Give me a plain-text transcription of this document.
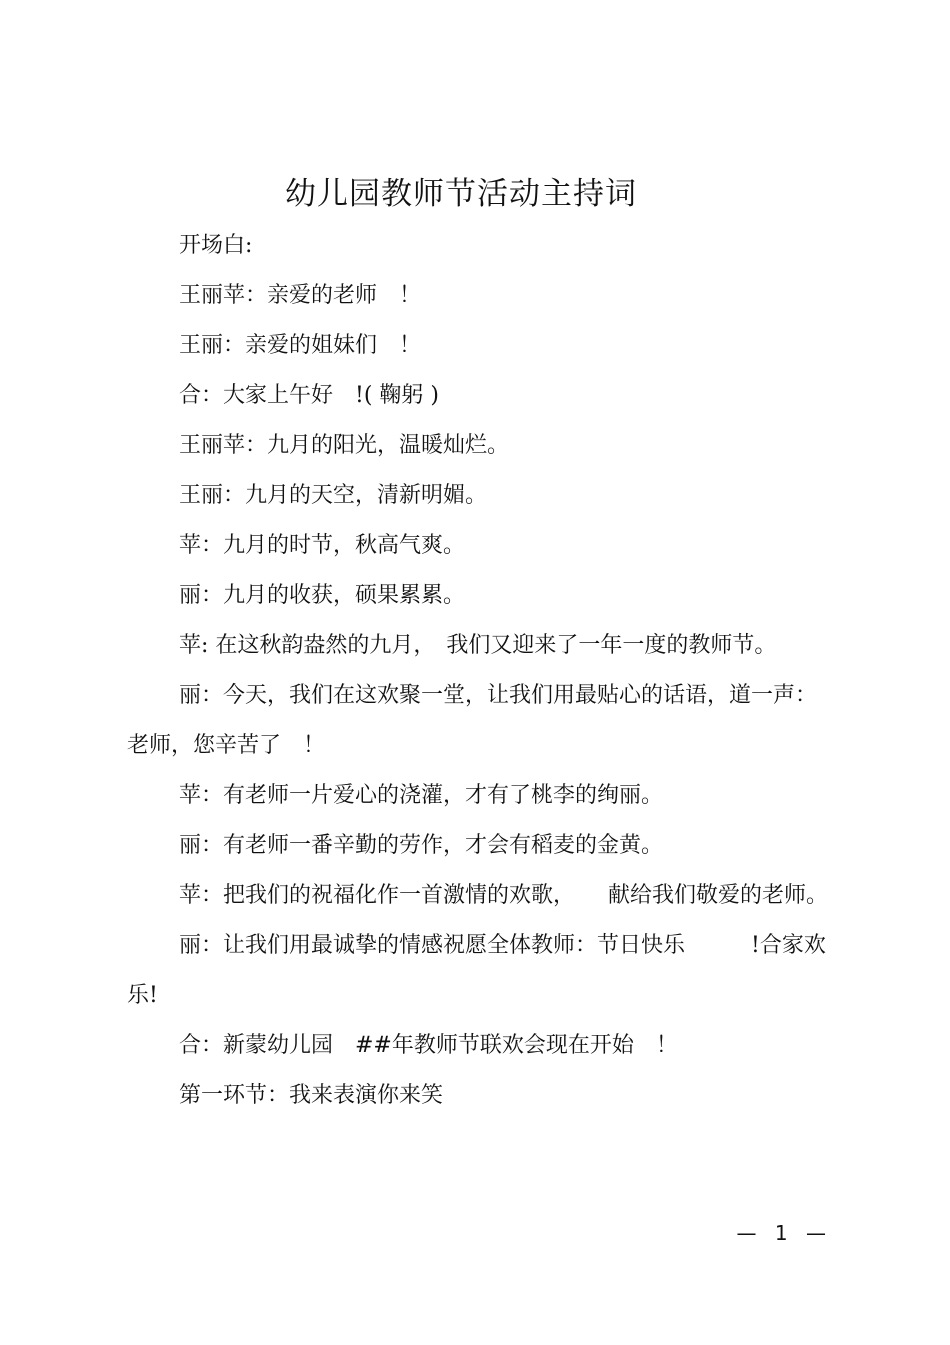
幼儿园教师节活动主持词

开场白:

王丽苹：亲爱的老师　！

王丽：亲爱的姐妹们　！

合：大家上午好　!( 鞠躬 )

王丽苹：九月的阳光，温暖灿烂。

王丽：九月的天空，清新明媚。

苹：九月的时节，秋高气爽。

丽：九月的收获，硕果累累。

苹: 在这秋韵盎然的九月，　我们又迎来了一年一度的教师节。

丽：今天，我们在这欢聚一堂，让我们用最贴心的话语，道一声：老师，您辛苦了　！

苹：有老师一片爱心的浇灌，才有了桃李的绚丽。

丽：有老师一番辛勤的劳作，才会有稻麦的金黄。

苹：把我们的祝福化作一首激情的欢歌，　　献给我们敬爱的老师。

丽：让我们用最诚挚的情感祝愿全体教师：节日快乐　　　!合家欢乐!

合：新蒙幼儿园　##年教师节联欢会现在开始　！

第一环节：我来表演你来笑

— 1 —
